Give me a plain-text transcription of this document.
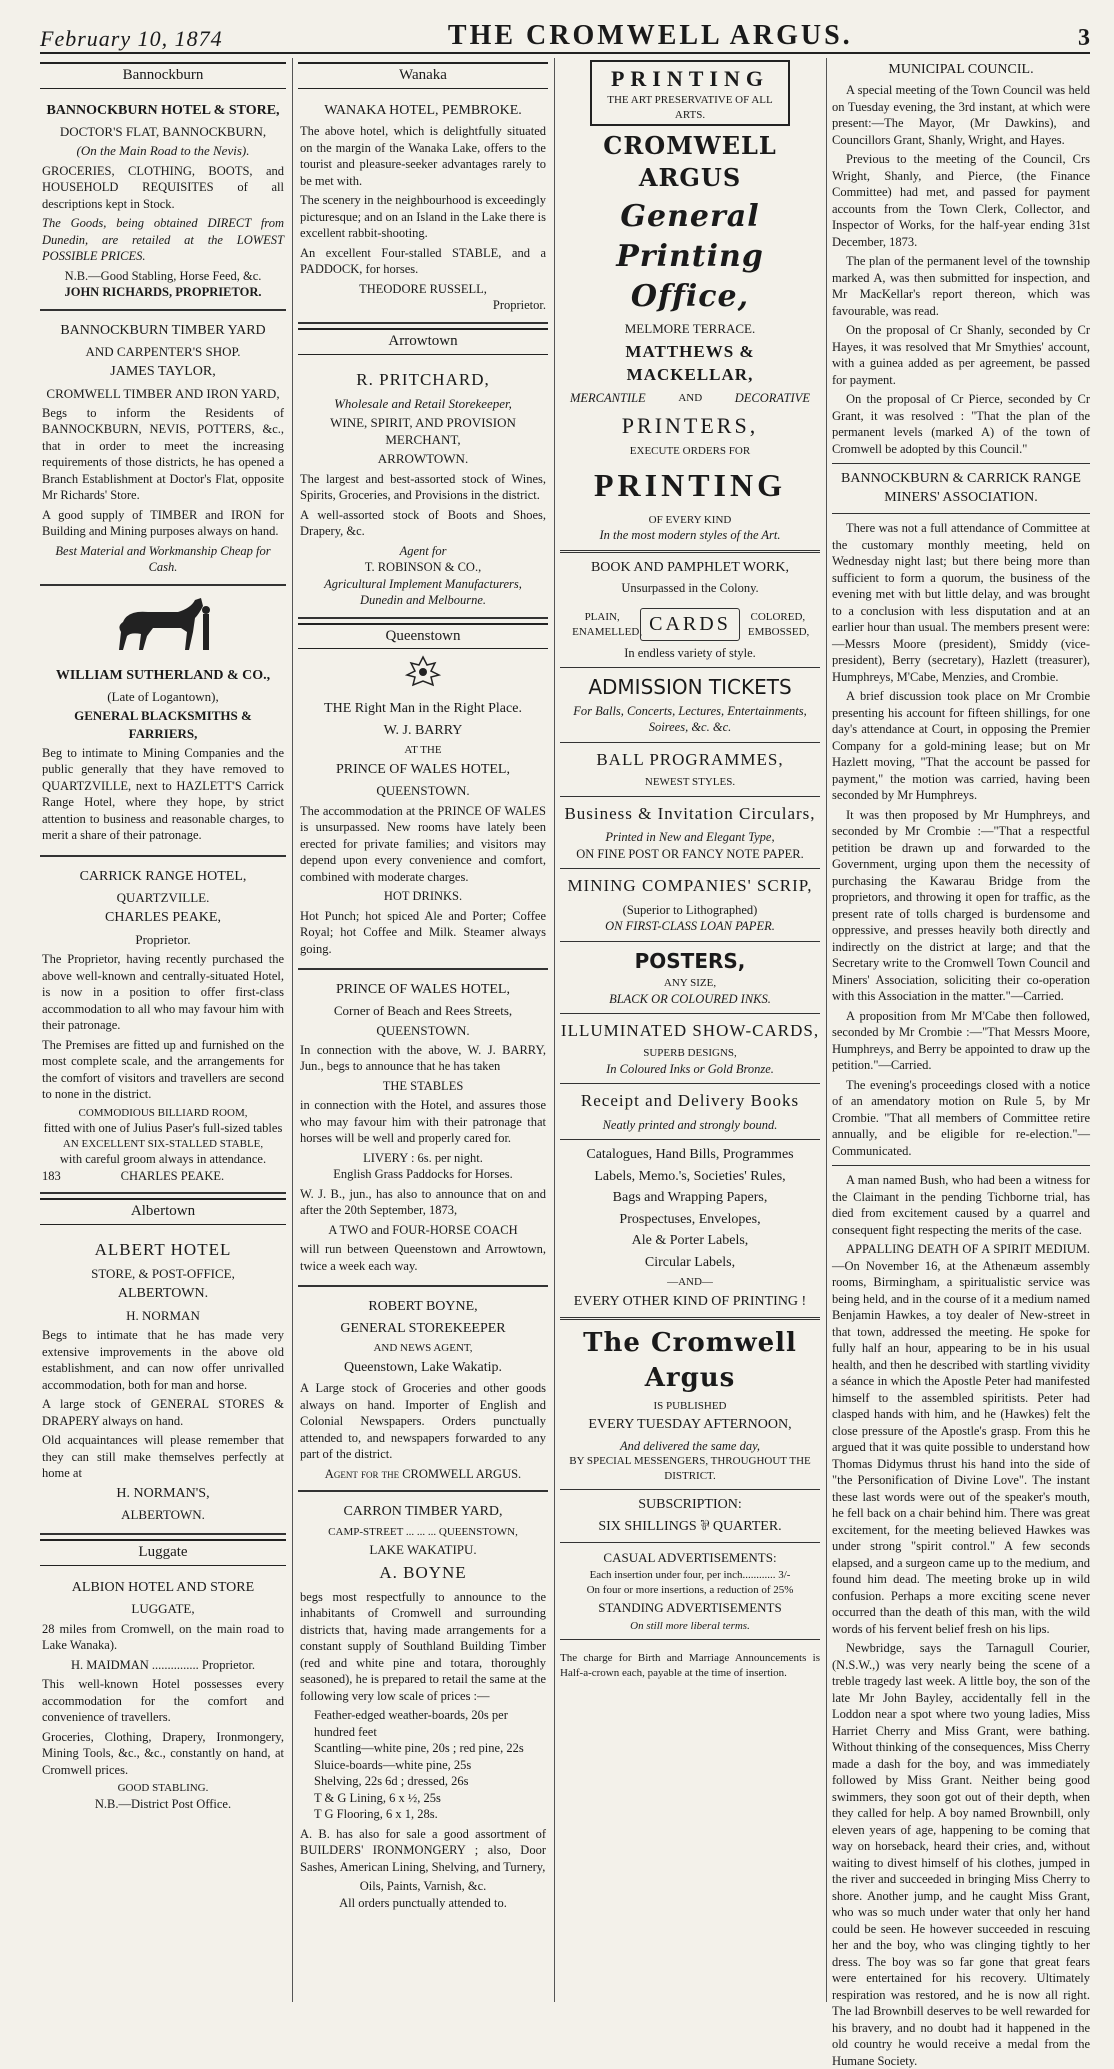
February 10, 1874	THE CROMWELL ARGUS.	3
Bannockburn
BANNOCKBURN HOTEL & STORE,
DOCTOR'S FLAT, BANNOCKBURN,
(On the Main Road to the Nevis).

GROCERIES, CLOTHING, BOOTS, and HOUSEHOLD REQUISITES of all descriptions kept in Stock.

The Goods, being obtained DIRECT from Dunedin, are retailed at the LOWEST POSSIBLE PRICES.

N.B.—Good Stabling, Horse Feed, &c.
JOHN RICHARDS, PROPRIETOR.
BANNOCKBURN TIMBER YARD
AND CARPENTER'S SHOP.
JAMES TAYLOR,
CROMWELL TIMBER AND IRON YARD,

Begs to inform the Residents of BANNOCKBURN, NEVIS, POTTERS, &c., that in order to meet the increasing requirements of those districts, he has opened a Branch Establishment at Doctor's Flat, opposite Mr Richards' Store.

A good supply of TIMBER and IRON for Building and Mining purposes always on hand.

Best Material and Workmanship Cheap for Cash.
WILLIAM SUTHERLAND & CO.,
(Late of Logantown),
GENERAL BLACKSMITHS & FARRIERS,

Beg to intimate to Mining Companies and the public generally that they have removed to QUARTZVILLE, next to HAZLETT'S Carrick Range Hotel, where they hope, by strict attention to business and reasonable charges, to merit a share of their patronage.

CARRICK RANGE HOTEL,
QUARTZVILLE.
CHARLES PEAKE,
Proprietor.

The Proprietor, having recently purchased the above well-known and centrally-situated Hotel, is now in a position to offer first-class accommodation to all who may favour him with their patronage.

The Premises are fitted up and furnished on the most complete scale, and the arrangements for the comfort of visitors and travellers are second to none in the district.

COMMODIOUS BILLIARD ROOM,
fitted with one of Julius Paser's full-sized tables
AN EXCELLENT SIX-STALLED STABLE,
with careful groom always in attendance.
183	CHARLES PEAKE.
Albertown
ALBERT HOTEL
STORE, & POST-OFFICE,
ALBERTOWN.
H. NORMAN

Begs to intimate that he has made very extensive improvements in the above old establishment, and can now offer unrivalled accommodation, both for man and horse.

A large stock of GENERAL STORES & DRAPERY always on hand.

Old acquaintances will please remember that they can still make themselves perfectly at home at

H. NORMAN'S,
ALBERTOWN.
Luggate
ALBION HOTEL AND STORE
LUGGATE,

28 miles from Cromwell, on the main road to Lake Wanaka).

H. MAIDMAN ............... Proprietor.

This well-known Hotel possesses every accommodation for the comfort and convenience of travellers.

Groceries, Clothing, Drapery, Ironmongery, Mining Tools, &c., &c., constantly on hand, at Cromwell prices.

GOOD STABLING.
N.B.—District Post Office.
Wanaka
WANAKA HOTEL, PEMBROKE.

The above hotel, which is delightfully situated on the margin of the Wanaka Lake, offers to the tourist and pleasure-seeker advantages rarely to be met with.

The scenery in the neighbourhood is exceedingly picturesque; and on an Island in the Lake there is excellent rabbit-shooting.

An excellent Four-stalled STABLE, and a PADDOCK, for horses.

THEODORE RUSSELL,
Proprietor.
Arrowtown
R. PRITCHARD,
Wholesale and Retail Storekeeper,
WINE, SPIRIT, AND PROVISION MERCHANT,
ARROWTOWN.

The largest and best-assorted stock of Wines, Spirits, Groceries, and Provisions in the district.

A well-assorted stock of Boots and Shoes, Drapery, &c.

Agent for
T. ROBINSON & CO.,
Agricultural Implement Manufacturers,
Dunedin and Melbourne.
Queenstown
THE Right Man in the Right Place.
W. J. BARRY
AT THE
PRINCE OF WALES HOTEL,
QUEENSTOWN.

The accommodation at the PRINCE OF WALES is unsurpassed. New rooms have lately been erected for private families; and visitors may depend upon every convenience and comfort, combined with moderate charges.

HOT DRINKS.

Hot Punch; hot spiced Ale and Porter; Coffee Royal; hot Coffee and Milk. Steamer always going.

PRINCE OF WALES HOTEL,
Corner of Beach and Rees Streets,
QUEENSTOWN.

In connection with the above, W. J. BARRY, Jun., begs to announce that he has taken

THE STABLES

in connection with the Hotel, and assures those who may favour him with their patronage that horses will be well and properly cared for.

LIVERY : 6s. per night.
English Grass Paddocks for Horses.

W. J. B., jun., has also to announce that on and after the 20th September, 1873,

A TWO and FOUR-HORSE COACH

will run between Queenstown and Arrowtown, twice a week each way.

ROBERT BOYNE,
GENERAL STOREKEEPER
AND NEWS AGENT,
Queenstown, Lake Wakatip.

A Large stock of Groceries and other goods always on hand. Importer of English and Colonial Newspapers. Orders punctually attended to, and newspapers forwarded to any part of the district.

Agent for the CROMWELL ARGUS.
CARRON TIMBER YARD,
CAMP-STREET ... ... ... QUEENSTOWN,
LAKE WAKATIPU.
A. BOYNE

begs most respectfully to announce to the inhabitants of Cromwell and surrounding districts that, having made arrangements for a constant supply of Southland Building Timber (red and white pine and totara, thoroughly seasoned), he is prepared to retail the same at the following very low scale of prices :—

Feather-edged weather-boards, 20s per hundred feet
Scantling—white pine, 20s ; red pine, 22s
Sluice-boards—white pine, 25s
Shelving, 22s 6d ; dressed, 26s
T & G Lining, 6 x ½, 25s
T G Flooring, 6 x 1, 28s.

A. B. has also for sale a good assortment of BUILDERS' IRONMONGERY ; also, Door Sashes, American Lining, Shelving, and Turnery,

Oils, Paints, Varnish, &c.
All orders punctually attended to.
PRINTING
THE ART PRESERVATIVE OF ALL ARTS.
CROMWELL ARGUS
General Printing Office,
MELMORE TERRACE.
MATTHEWS & MACKELLAR,
MERCANTILE	AND	DECORATIVE
PRINTERS,
EXECUTE ORDERS FOR
PRINTING
OF EVERY KIND
In the most modern styles of the Art.
BOOK AND PAMPHLET WORK,
Unsurpassed in the Colony.
PLAIN, ENAMELLED, CARDS	COLORED, EMBOSSED,
In endless variety of style.
ADMISSION TICKETS
For Balls, Concerts, Lectures, Entertainments, Soirees, &c. &c.
BALL PROGRAMMES,
NEWEST STYLES.
Business & Invitation Circulars,
Printed in New and Elegant Type,
ON FINE POST OR FANCY NOTE PAPER.
MINING COMPANIES' SCRIP,
(Superior to Lithographed)
ON FIRST-CLASS LOAN PAPER.
POSTERS,
ANY SIZE,
BLACK OR COLOURED INKS.
ILLUMINATED SHOW-CARDS,
SUPERB DESIGNS,
In Coloured Inks or Gold Bronze.
Receipt and Delivery Books
Neatly printed and strongly bound.
Catalogues, Hand Bills, Programmes
Labels, Memo.'s, Societies' Rules,
Bags and Wrapping Papers,
Prospectuses, Envelopes,
Ale & Porter Labels,
Circular Labels,
—AND—
EVERY OTHER KIND OF PRINTING !
The Cromwell Argus
IS PUBLISHED
EVERY TUESDAY AFTERNOON,
And delivered the same day,
BY SPECIAL MESSENGERS, THROUGHOUT THE DISTRICT.
SUBSCRIPTION:
SIX SHILLINGS ⅌ QUARTER.
CASUAL ADVERTISEMENTS:
Each insertion under four, per inch............ 3/-
On four or more insertions, a reduction of 25%
STANDING ADVERTISEMENTS
On still more liberal terms.

The charge for Birth and Marriage Announcements is Half-a-crown each, payable at the time of insertion.

MUNICIPAL COUNCIL.

A special meeting of the Town Council was held on Tuesday evening, the 3rd instant, at which were present:—The Mayor, (Mr Dawkins), and Councillors Grant, Shanly, Wright, and Hayes.

Previous to the meeting of the Council, Crs Wright, Shanly, and Pierce, (the Finance Committee) had met, and passed for payment accounts from the Town Clerk, Collector, and Inspector of Works, for the half-year ending 31st December, 1873.

The plan of the permanent level of the township marked A, was then submitted for inspection, and Mr MacKellar's report thereon, which was favourable, was read.

On the proposal of Cr Shanly, seconded by Cr Hayes, it was resolved that Mr Smythies' account, with a guinea added as per agreement, be passed for payment.

On the proposal of Cr Pierce, seconded by Cr Grant, it was resolved : "That the plan of the permanent levels (marked A) of the town of Cromwell be adopted by this Council."

BANNOCKBURN & CARRICK RANGE MINERS' ASSOCIATION.

There was not a full attendance of Committee at the customary monthly meeting, held on Wednesday night last; but there being more than sufficient to form a quorum, the business of the evening met with but little delay, and was brought to a conclusion with less disputation and at an earlier hour than usual. The members present were:—Messrs Moore (president), Smiddy (vice-president), Berry (secretary), Hazlett (treasurer), Humphreys, M'Cabe, Menzies, and Crombie.

A brief discussion took place on Mr Crombie presenting his account for fifteen shillings, for one day's attendance at Court, in opposing the Premier Company for a gold-mining lease; but on Mr Hazlett moving, "That the account be passed for payment," the motion was carried, having been seconded by Mr Humphreys.

It was then proposed by Mr Humphreys, and seconded by Mr Crombie :—"That a respectful petition be drawn up and forwarded to the Government, urging upon them the necessity of purchasing the Kawarau Bridge from the proprietors, and throwing it open for traffic, as the present rate of tolls charged is burdensome and oppressive, and presses heavily both directly and indirectly on the district at large; and that the Secretary write to the Cromwell Town Council and Miners' Association, soliciting their co-operation with this Association in the matter."—Carried.

A proposition from Mr M'Cabe then followed, seconded by Mr Crombie :—"That Messrs Moore, Humphreys, and Berry be appointed to draw up the petition."—Carried.

The evening's proceedings closed with a notice of an amendatory motion on Rule 5, by Mr Crombie. "That all members of Committee retire annually, and be eligible for re-election."—Communicated.

A man named Bush, who had been a witness for the Claimant in the pending Tichborne trial, has died from excitement caused by a quarrel and consequent fight respecting the merits of the case.

APPALLING DEATH OF A SPIRIT MEDIUM.—On November 16, at the Athenæum assembly rooms, Birmingham, a spiritualistic service was being held, and in the course of it a medium named Benjamin Hawkes, a toy dealer of New-street in that town, addressed the meeting. He spoke for fully half an hour, appearing to be in his usual health, and then he described with startling vividity a séance in which the Apostle Peter had manifested himself to the assembled spiritists. Peter had clasped hands with him, and he (Hawkes) felt the close pressure of the Apostle's grasp. From this he argued that it was quite possible to understand how Thomas Didymus thrust his hand into the side of "the Personification of Divine Love". The instant these last words were out of the speaker's mouth, he fell back on a chair behind him. There was great excitement, for the meeting believed Hawkes was under strong "spirit control." A few seconds elapsed, and a surgeon came up to the medium, and found him dead. The meeting broke up in wild confusion. Perhaps a more exciting scene never occurred than the death of this man, with the wild words of his fervent belief fresh on his lips.

Newbridge, says the Tarnagull Courier, (N.S.W.,) was very nearly being the scene of a treble tragedy last week. A little boy, the son of the late Mr John Bayley, accidentally fell in the Loddon near a spot where two young ladies, Miss Harriet Cherry and Miss Grant, were bathing. Without thinking of the consequences, Miss Cherry made a dash for the boy, and was immediately followed by Miss Grant. Neither being good swimmers, they soon got out of their depth, when they called for help. A boy named Brownbill, only eleven years of age, happening to be coming that way on horseback, heard their cries, and, without waiting to divest himself of his clothes, jumped in the river and succeeded in bringing Miss Cherry to shore. Another jump, and he caught Miss Grant, who was so much under water that only her hand could be seen. He however succeeded in rescuing her and the boy, who was clinging tightly to her dress. The boy was so far gone that great fears were entertained for his recovery. Ultimately respiration was restored, and he is now all right. The lad Brownbill deserves to be well rewarded for his bravery, and no doubt had it happened in the old country he would receive a medal from the Humane Society.
